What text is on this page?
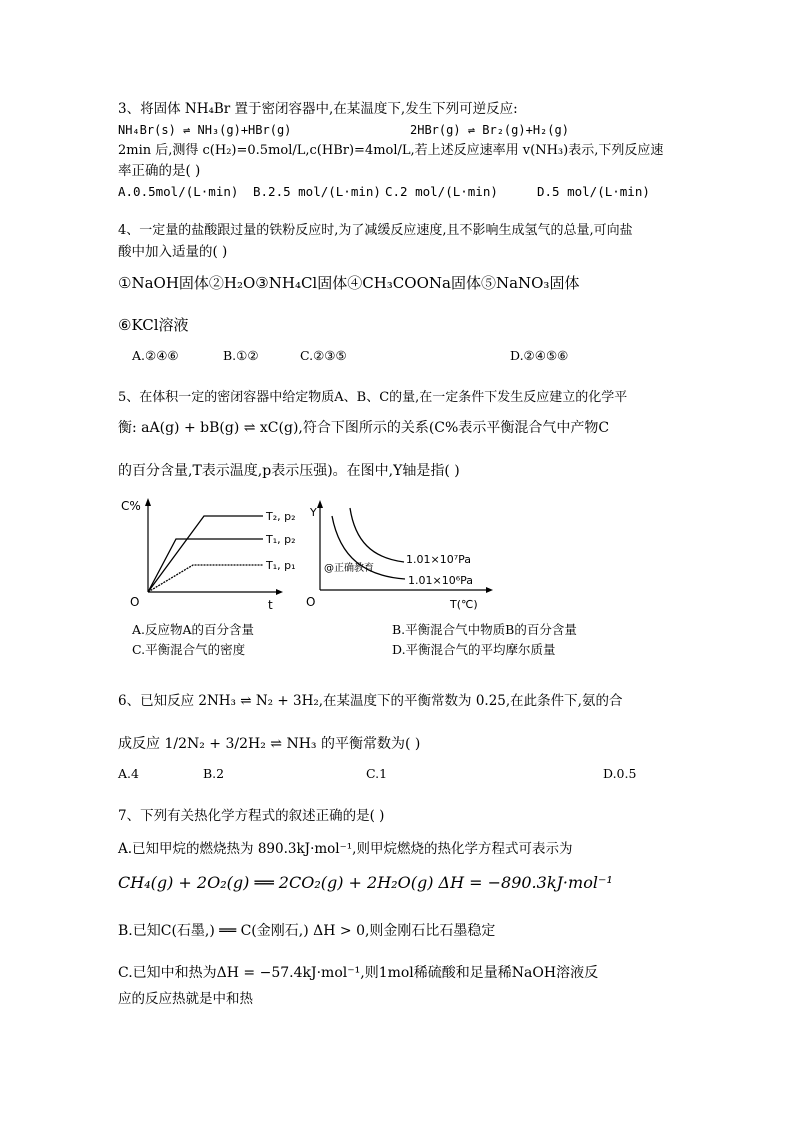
3、将固体 NH₄Br 置于密闭容器中,在某温度下,发生下列可逆反应:
NH₄Br(s) ⇌ NH₃(g)+HBr(g)	2HBr(g) ⇌ Br₂(g)+H₂(g)
2min 后,测得 c(H₂)=0.5mol/L,c(HBr)=4mol/L,若上述反应速率用 v(NH₃)表示,下列反应速
率正确的是( )
A.0.5mol/(L·min) B.2.5 mol/(L·min) C.2 mol/(L·min)	D.5 mol/(L·min)
4、一定量的盐酸跟过量的铁粉反应时,为了减缓反应速度,且不影响生成氢气的总量,可向盐
酸中加入适量的( )
①NaOH固体②H₂O③NH₄Cl固体④CH₃COONa固体⑤NaNO₃固体
⑥KCl溶液
A.②④⑥	B.①②	C.②③⑤	D.②④⑤⑥
5、在体积一定的密闭容器中给定物质A、B、C的量,在一定条件下发生反应建立的化学平
衡: aA(g) + bB(g) ⇌ xC(g),符合下图所示的关系(C%表示平衡混合气中产物C
的百分含量,T表示温度,p表示压强)。在图中,Y轴是指( )
C%
O	t
T₂, p₂
T₁, p₂
T₁, p₁
Y
O	T(℃)
1.01×10⁷Pa
1.01×10⁶Pa
@正确教育
A.反应物A的百分含量	B.平衡混合气中物质B的百分含量
C.平衡混合气的密度	D.平衡混合气的平均摩尔质量
6、已知反应 2NH₃ ⇌ N₂ + 3H₂,在某温度下的平衡常数为 0.25,在此条件下,氨的合
成反应 1/2N₂ + 3/2H₂ ⇌ NH₃ 的平衡常数为( )
A.4	B.2	C.1	D.0.5
7、下列有关热化学方程式的叙述正确的是( )
A.已知甲烷的燃烧热为 890.3kJ·mol⁻¹,则甲烷燃烧的热化学方程式可表示为
CH₄(g) + 2O₂(g) ══ 2CO₂(g) + 2H₂O(g) ΔH = −890.3kJ·mol⁻¹
B.已知C(石墨,) ══ C(金刚石,) ΔH > 0,则金刚石比石墨稳定
C.已知中和热为ΔH = −57.4kJ·mol⁻¹,则1mol稀硫酸和足量稀NaOH溶液反
应的反应热就是中和热
